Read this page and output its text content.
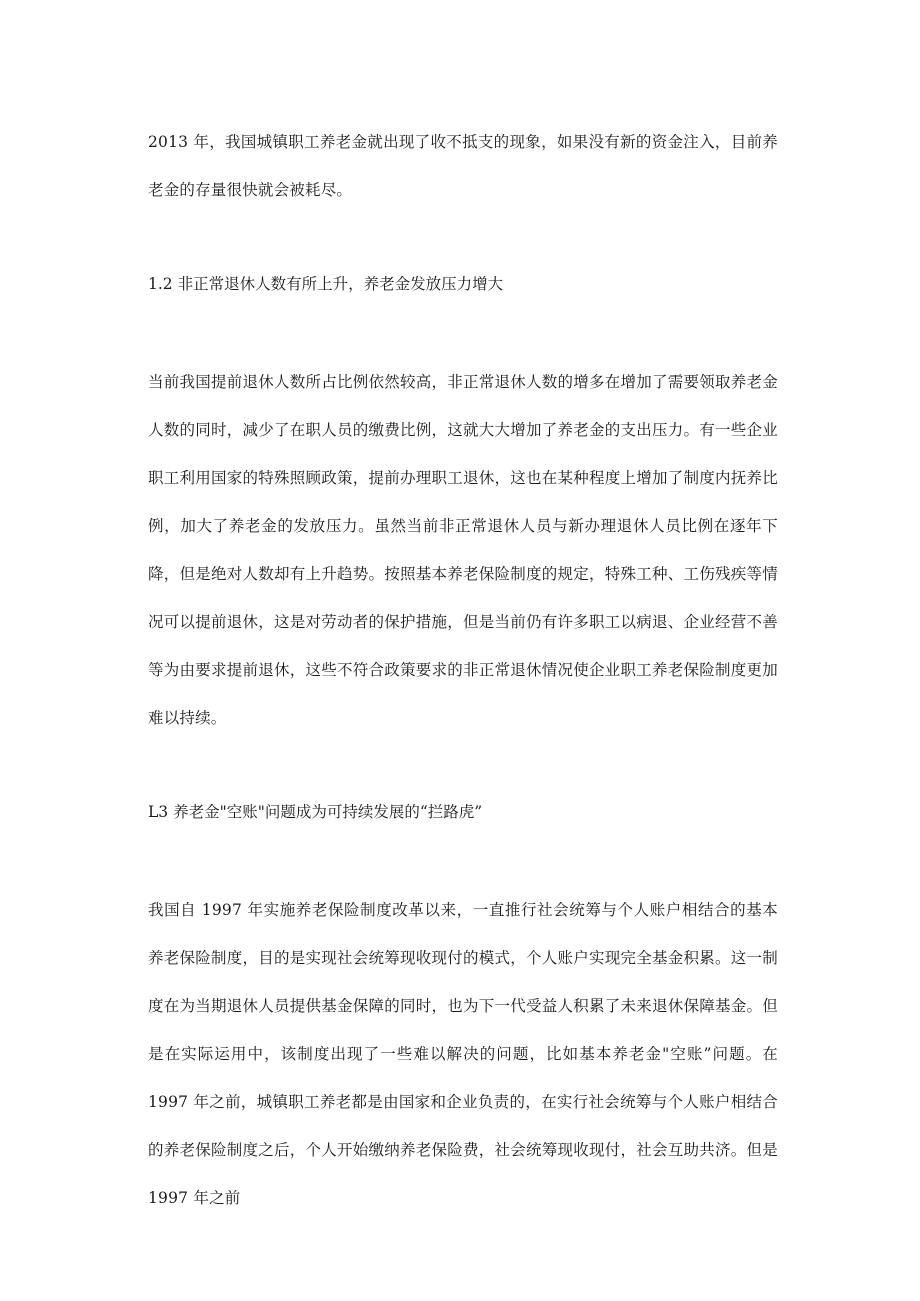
2013 年，我国城镇职工养老金就出现了收不抵支的现象，如果没有新的资金注入，目前养老金的存量很快就会被耗尽。

1.2 非正常退休人数有所上升，养老金发放压力增大

当前我国提前退休人数所占比例依然较高，非正常退休人数的增多在增加了需要领取养老金人数的同时，减少了在职人员的缴费比例，这就大大增加了养老金的支出压力。有一些企业职工利用国家的特殊照顾政策，提前办理职工退休，这也在某种程度上增加了制度内抚养比例，加大了养老金的发放压力。虽然当前非正常退休人员与新办理退休人员比例在逐年下降，但是绝对人数却有上升趋势。按照基本养老保险制度的规定，特殊工种、工伤残疾等情况可以提前退休，这是对劳动者的保护措施，但是当前仍有许多职工以病退、企业经营不善等为由要求提前退休，这些不符合政策要求的非正常退休情况使企业职工养老保险制度更加难以持续。

L3 养老金"空账"问题成为可持续发展的“拦路虎”

我国自 1997 年实施养老保险制度改革以来，一直推行社会统筹与个人账户相结合的基本养老保险制度，目的是实现社会统筹现收现付的模式，个人账户实现完全基金积累。这一制度在为当期退休人员提供基金保障的同时，也为下一代受益人积累了未来退休保障基金。但是在实际运用中，该制度出现了一些难以解决的问题，比如基本养老金"空账”问题。在 1997 年之前，城镇职工养老都是由国家和企业负责的，在实行社会统筹与个人账户相结合的养老保险制度之后，个人开始缴纳养老保险费，社会统筹现收现付，社会互助共济。但是 1997 年之前
